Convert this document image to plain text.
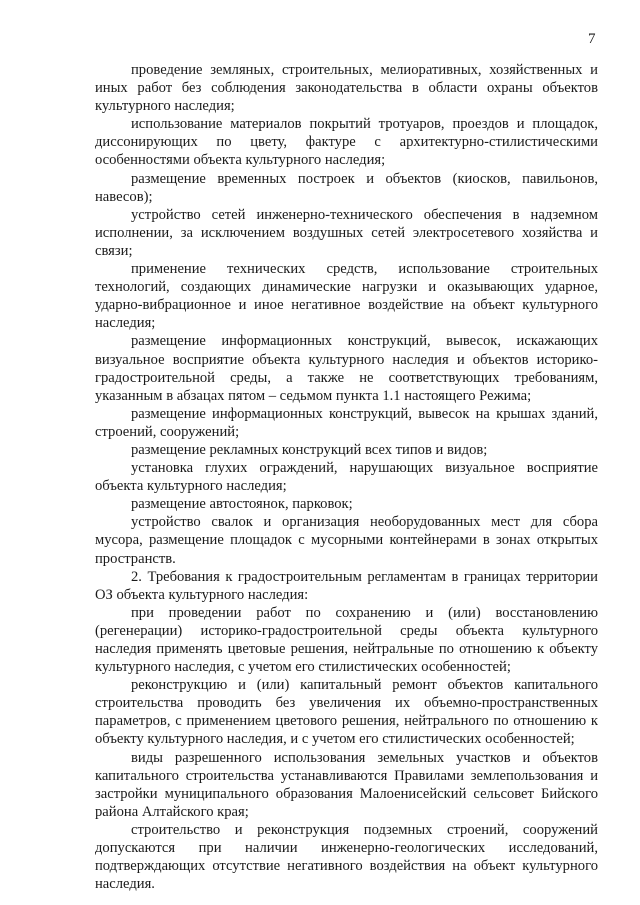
7

проведение земляных, строительных, мелиоративных, хозяйственных и иных работ без соблюдения законодательства в области охраны объектов культурного наследия;

использование материалов покрытий тротуаров, проездов и площадок, диссонирующих по цвету, фактуре с архитектурно-стилистическими особенностями объекта культурного наследия;

размещение временных построек и объектов (киосков, павильонов, навесов);

устройство сетей инженерно-технического обеспечения в надземном исполнении, за исключением воздушных сетей электросетевого хозяйства и связи;

применение технических средств, использование строительных технологий, создающих динамические нагрузки и оказывающих ударное, ударно-вибрационное и иное негативное воздействие на объект культурного наследия;

размещение информационных конструкций, вывесок, искажающих визуальное восприятие объекта культурного наследия и объектов историко-градостроительной среды, а также не соответствующих требованиям, указанным в абзацах пятом – седьмом пункта 1.1 настоящего Режима;

размещение информационных конструкций, вывесок на крышах зданий, строений, сооружений;

размещение рекламных конструкций всех типов и видов;

установка глухих ограждений, нарушающих визуальное восприятие объекта культурного наследия;

размещение автостоянок, парковок;

устройство свалок и организация необорудованных мест для сбора мусора, размещение площадок с мусорными контейнерами в зонах открытых пространств.

2. Требования к градостроительным регламентам в границах территории ОЗ объекта культурного наследия:

при проведении работ по сохранению и (или) восстановлению (регенерации) историко-градостроительной среды объекта культурного наследия применять цветовые решения, нейтральные по отношению к объекту культурного наследия, с учетом его стилистических особенностей;

реконструкцию и (или) капитальный ремонт объектов капитального строительства проводить без увеличения их объемно-пространственных параметров, с применением цветового решения, нейтрального по отношению к объекту культурного наследия, и с учетом его стилистических особенностей;

виды разрешенного использования земельных участков и объектов капитального строительства устанавливаются Правилами землепользования и застройки муниципального образования Малоенисейский сельсовет Бийского района Алтайского края;

строительство и реконструкция подземных строений, сооружений допускаются при наличии инженерно-геологических исследований, подтверждающих отсутствие негативного воздействия на объект культурного наследия.
